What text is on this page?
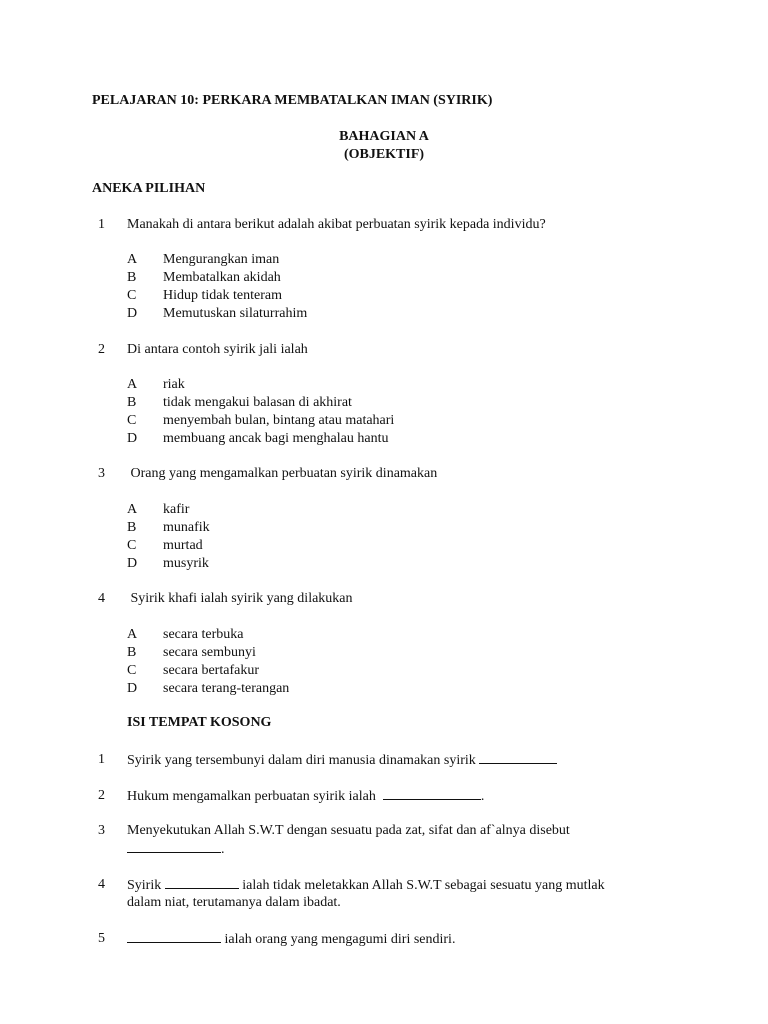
PELAJARAN 10: PERKARA MEMBATALKAN IMAN (SYIRIK)
BAHAGIAN A
(OBJEKTIF)
ANEKA PILIHAN
1 Manakah di antara berikut adalah akibat perbuatan syirik kepada individu?
A Mengurangkan iman
B Membatalkan akidah
C Hidup tidak tenteram
D Memutuskan silaturrahim
2 Di antara contoh syirik jali ialah
A riak
B tidak mengakui balasan di akhirat
C menyembah bulan, bintang atau matahari
D membuang ancak bagi menghalau hantu
3 Orang yang mengamalkan perbuatan syirik dinamakan
A kafir
B munafik
C murtad
D musyrik
4 Syirik khafi ialah syirik yang dilakukan
A secara terbuka
B secara sembunyi
C secara bertafakur
D secara terang-terangan
ISI TEMPAT KOSONG
1 Syirik yang tersembunyi dalam diri manusia dinamakan syirik
2 Hukum mengamalkan perbuatan syirik ialah	.
3 Menyekutukan Allah S.W.T dengan sesuatu pada zat, sifat dan af`alnya disebut
.
4 Syirik	ialah tidak meletakkan Allah S.W.T sebagai sesuatu yang mutlak
dalam niat, terutamanya dalam ibadat.
5	ialah orang yang mengagumi diri sendiri.
